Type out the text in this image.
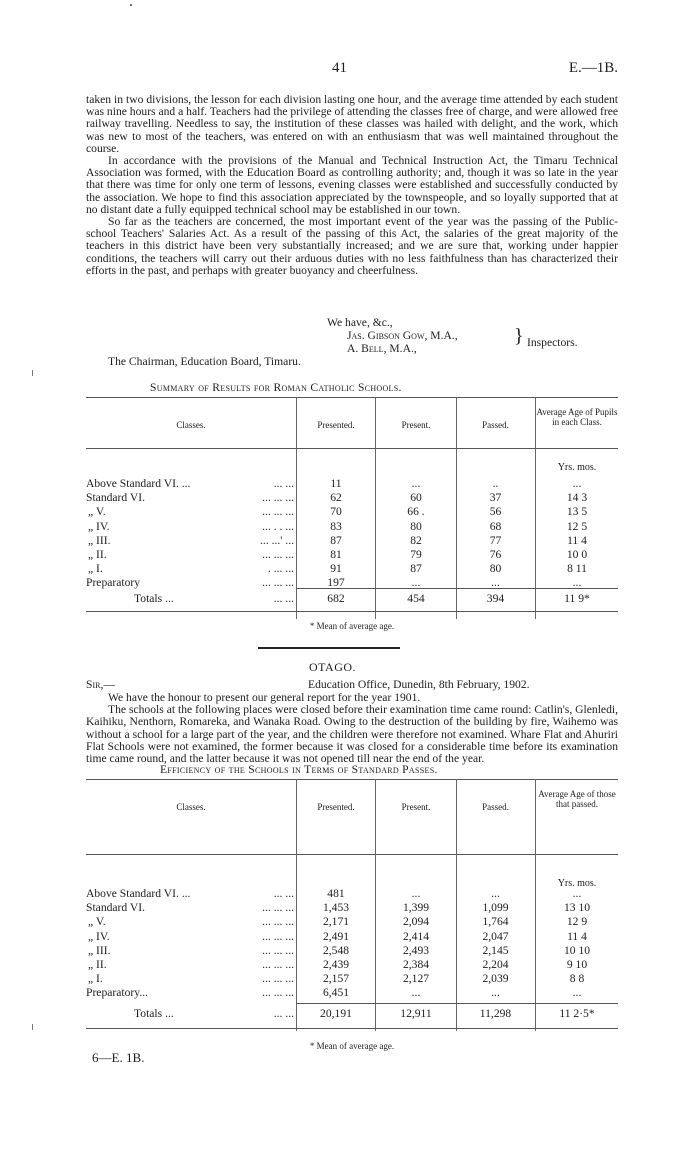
41	E.—1B.

taken in two divisions, the lesson for each division lasting one hour, and the average time attended by each student was nine hours and a half. Teachers had the privilege of attending the classes free of charge, and were allowed free railway travelling. Needless to say, the institution of these classes was hailed with delight, and the work, which was new to most of the teachers, was entered on with an enthusiasm that was well maintained throughout the course.

In accordance with the provisions of the Manual and Technical Instruction Act, the Timaru Technical Association was formed, with the Education Board as controlling authority; and, though it was so late in the year that there was time for only one term of lessons, evening classes were established and successfully conducted by the association. We hope to find this association appreciated by the townspeople, and so loyally supported that at no distant date a fully equipped technical school may be established in our town.

So far as the teachers are concerned, the most important event of the year was the passing of the Public-school Teachers' Salaries Act. As a result of the passing of this Act, the salaries of the great majority of the teachers in this district have been very substantially increased; and we are sure that, working under happier conditions, the teachers will carry out their arduous duties with no less faithfulness than has characterized their efforts in the past, and perhaps with greater buoyancy and cheerfulness.

We have, &c.,
Jas. Gibson Gow, M.A.,
A. Bell, M.A.,
} Inspectors.
The Chairman, Education Board, Timaru.
Summary of Results for Roman Catholic Schools.
Classes.	Presented.	Present.	Passed.
Average Age of Pupils in each Class.
Yrs. mos.
Above Standard VI. ...	... ...	11	...	..	...
Standard VI.	... ... ...	62	60	37	14 3
„ V.	... ... ...	70	66 .	56	13 5
„ IV.	... . . ...	83	80	68	12 5
„ III.	... ...' ...	87	82	77	11 4
„ II.	... ... ...	81	79	76	10 0
„ I.	. ... ...	91	87	80	8 11
Preparatory	... ... ...	197	...	...	...
Totals ...	... ...	682	454	394	11 9*
* Mean of average age.
OTAGO.
Sir,—	Education Office, Dunedin, 8th February, 1902.

We have the honour to present our general report for the year 1901.

The schools at the following places were closed before their examination time came round: Catlin's, Glenledi, Kaihiku, Nenthorn, Romareka, and Wanaka Road. Owing to the destruction of the building by fire, Waihemo was without a school for a large part of the year, and the children were therefore not examined. Whare Flat and Ahuriri Flat Schools were not examined, the former because it was closed for a considerable time before its examination time came round, and the latter because it was not opened till near the end of the year.

Efficiency of the Schools in Terms of Standard Passes.
Classes.	Presented.	Present.	Passed.
Average Age of those that passed.
Yrs. mos.
Above Standard VI. ...	... ...	481	...	...	...
Standard VI.	... ... ...	1,453	1,399	1,099	13 10
„ V.	... ... ...	2,171	2,094	1,764	12 9
„ IV.	... ... ...	2,491	2,414	2,047	11 4
„ III.	... ... ...	2,548	2,493	2,145	10 10
„ II.	... ... ...	2,439	2,384	2,204	9 10
„ I.	... ... ...	2,157	2,127	2,039	8 8
Preparatory...	... ... ...	6,451	...	...	...
Totals ...	... ...	20,191	12,911	11,298	11 2·5*
* Mean of average age.
6—E. 1B.
